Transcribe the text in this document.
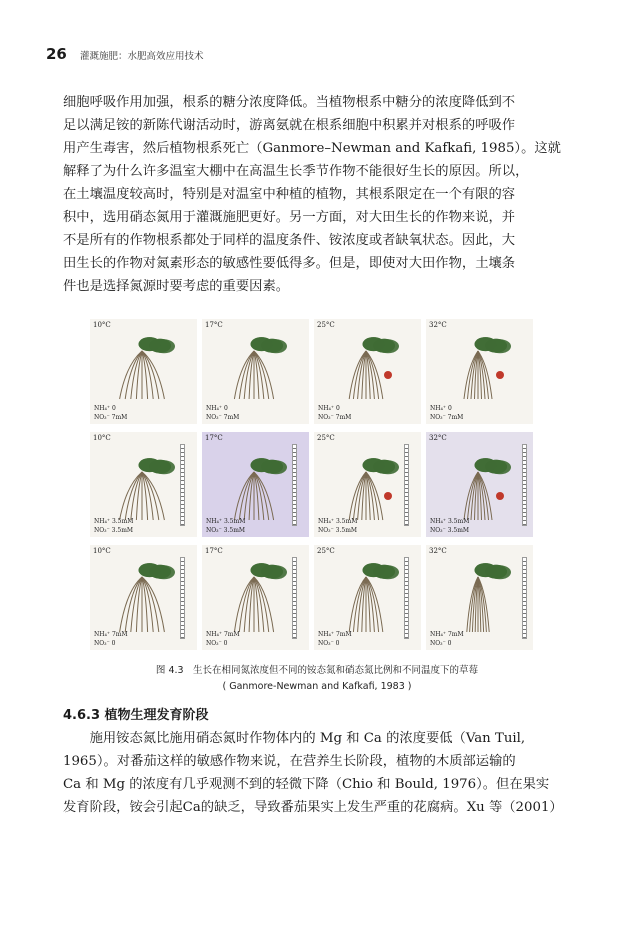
26 灌溉施肥：水肥高效应用技术

细胞呼吸作用加强，根系的糖分浓度降低。当植物根系中糖分的浓度降低到不
足以满足铵的新陈代谢活动时，游离氨就在根系细胞中积累并对根系的呼吸作
用产生毒害，然后植物根系死亡（Ganmore–Newman and Kafkafi, 1985）。这就
解释了为什么许多温室大棚中在高温生长季节作物不能很好生长的原因。所以，
在土壤温度较高时，特别是对温室中种植的植物，其根系限定在一个有限的容
积中，选用硝态氮用于灌溉施肥更好。另一方面，对大田生长的作物来说，并
不是所有的作物根系都处于同样的温度条件、铵浓度或者缺氧状态。因此，大
田生长的作物对氮素形态的敏感性要低得多。但是，即使对大田作物，土壤条
件也是选择氮源时要考虑的重要因素。

10°C
NH₄⁺ 0
NO₃⁻ 7mM
17°C
NH₄⁺ 0
NO₃⁻ 7mM
25°C
NH₄⁺ 0
NO₃⁻ 7mM
32°C
NH₄⁺ 0
NO₃⁻ 7mM
10°C
NH₄⁺ 3.5mM
NO₃⁻ 3.5mM
17°C
NH₄⁺ 3.5mM
NO₃⁻ 3.5mM
25°C
NH₄⁺ 3.5mM
NO₃⁻ 3.5mM
32°C
NH₄⁺ 3.5mM
NO₃⁻ 3.5mM
10°C
NH₄⁺ 7mM
NO₃⁻ 0
17°C
NH₄⁺ 7mM
NO₃⁻ 0
25°C
NH₄⁺ 7mM
NO₃⁻ 0
32°C
NH₄⁺ 7mM
NO₃⁻ 0
图 4.3　生长在相同氮浓度但不同的铵态氮和硝态氮比例和不同温度下的草莓
( Ganmore-Newman and Kafkafi, 1983 )
4.6.3 植物生理发育阶段

　　施用铵态氮比施用硝态氮时作物体内的 Mg 和 Ca 的浓度要低（Van Tuil,
1965）。对番茄这样的敏感作物来说，在营养生长阶段，植物的木质部运输的
Ca 和 Mg 的浓度有几乎观测不到的轻微下降（Chio 和 Bould, 1976）。但在果实
发育阶段，铵会引起Ca的缺乏，导致番茄果实上发生严重的花腐病。Xu 等（2001）
